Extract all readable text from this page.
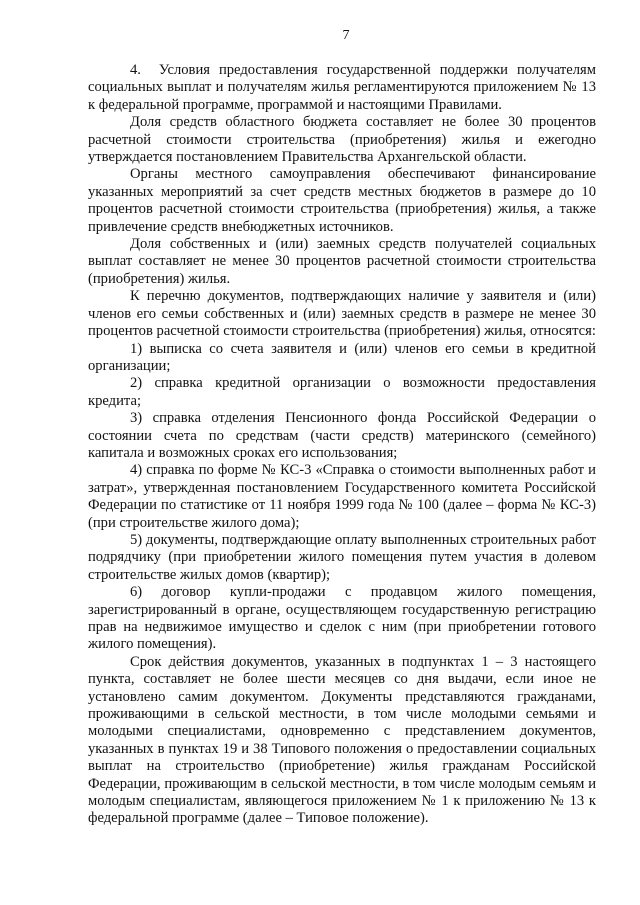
7

4.  Условия предоставления государственной поддержки получателям социальных выплат и получателям жилья регламентируются приложением № 13 к федеральной программе, программой и настоящими Правилами.

Доля средств областного бюджета составляет не более 30 процентов расчетной стоимости строительства (приобретения) жилья и ежегодно утверждается постановлением Правительства Архангельской области.

Органы местного самоуправления обеспечивают финансирование указанных мероприятий за счет средств местных бюджетов в размере до 10 процентов расчетной стоимости строительства (приобретения) жилья, а также привлечение средств внебюджетных источников.

Доля собственных и (или) заемных средств получателей социальных выплат составляет не менее 30 процентов расчетной стоимости строительства (приобретения) жилья.

К перечню документов, подтверждающих наличие у заявителя и (или) членов его семьи собственных и (или) заемных средств в размере не менее 30 процентов расчетной стоимости строительства (приобретения) жилья, относятся:

1) выписка со счета заявителя и (или) членов его семьи в кредитной организации;

2) справка кредитной организации о возможности предоставления кредита;

3) справка отделения Пенсионного фонда Российской Федерации о состоянии счета по средствам (части средств) материнского (семейного) капитала и возможных сроках его использования;

4) справка по форме № КС-3 «Справка о стоимости выполненных работ и затрат», утвержденная постановлением Государственного комитета Российской Федерации по статистике от 11 ноября 1999 года № 100 (далее – форма № КС-3) (при строительстве жилого дома);

5) документы, подтверждающие оплату выполненных строительных работ подрядчику (при приобретении жилого помещения путем участия в долевом строительстве жилых домов (квартир);

6) договор купли-продажи с продавцом жилого помещения, зарегистрированный в органе, осуществляющем государственную регистрацию прав на недвижимое имущество и сделок с ним (при приобретении готового жилого помещения).

Срок действия документов, указанных в подпунктах 1 – 3 настоящего пункта, составляет не более шести месяцев со дня выдачи, если иное не установлено самим документом. Документы представляются гражданами, проживающими в сельской местности, в том числе молодыми семьями и молодыми специалистами, одновременно с представлением документов, указанных в пунктах 19 и 38 Типового положения о предоставлении социальных выплат на строительство (приобретение) жилья гражданам Российской Федерации, проживающим в сельской местности, в том числе молодым семьям и молодым специалистам, являющегося приложением № 1 к приложению № 13 к федеральной программе (далее – Типовое положение).
